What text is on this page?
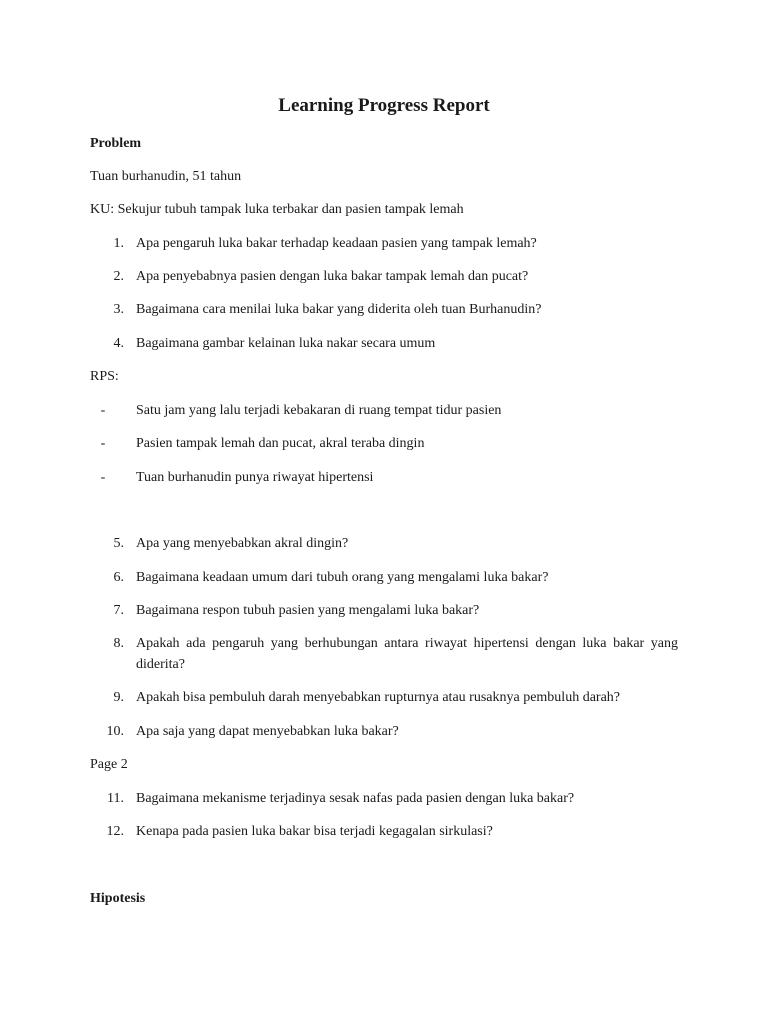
Learning Progress Report
Problem
Tuan burhanudin, 51 tahun
KU: Sekujur tubuh tampak luka terbakar dan pasien tampak lemah
1. Apa pengaruh luka bakar terhadap keadaan pasien yang tampak lemah?
2. Apa penyebabnya pasien dengan luka bakar tampak lemah dan pucat?
3. Bagaimana cara menilai luka bakar yang diderita oleh tuan Burhanudin?
4. Bagaimana gambar kelainan luka nakar secara umum
RPS:
-	Satu jam yang lalu terjadi kebakaran di ruang tempat tidur pasien
-	Pasien tampak lemah dan pucat, akral teraba dingin
-	Tuan burhanudin punya riwayat hipertensi
5. Apa yang menyebabkan akral dingin?
6. Bagaimana keadaan umum dari tubuh orang yang mengalami luka bakar?
7. Bagaimana respon tubuh pasien yang mengalami luka bakar?
8. Apakah ada pengaruh yang berhubungan antara riwayat hipertensi dengan luka bakar yang diderita?
9. Apakah bisa pembuluh darah menyebabkan rupturnya atau rusaknya pembuluh darah?
10. Apa saja yang dapat menyebabkan luka bakar?
Page 2
11. Bagaimana mekanisme terjadinya sesak nafas pada pasien dengan luka bakar?
12. Kenapa pada pasien luka bakar bisa terjadi kegagalan sirkulasi?
Hipotesis
